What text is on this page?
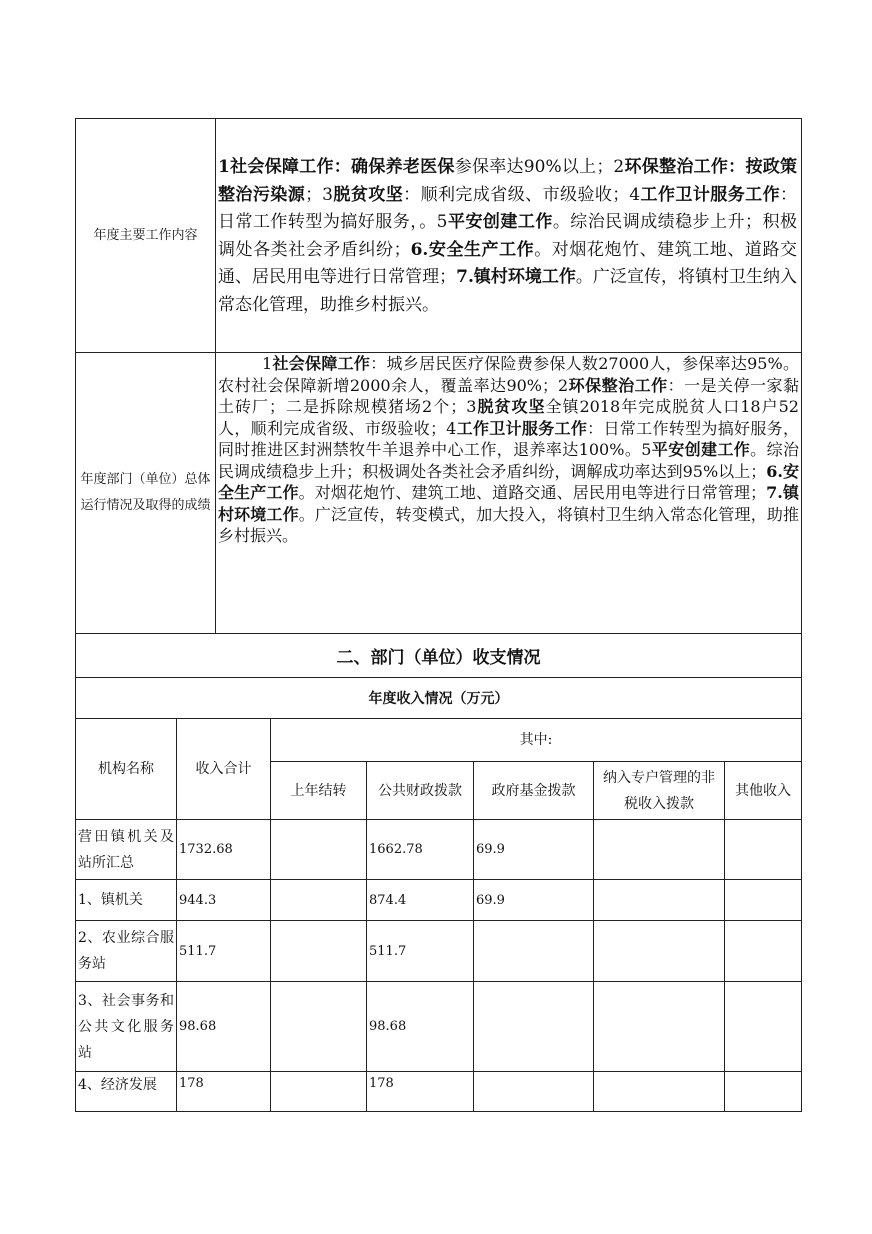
年度主要工作内容	1社会保障工作：确保养老医保参保率达90%以上；2环保整治工作：按政策整治污染源；3脱贫攻坚：顺利完成省级、市级验收；4工作卫计服务工作：日常工作转型为搞好服务，。5平安创建工作。综治民调成绩稳步上升；积极调处各类社会矛盾纠纷；6.安全生产工作。对烟花炮竹、建筑工地、道路交通、居民用电等进行日常管理；7.镇村环境工作。广泛宣传，将镇村卫生纳入常态化管理，助推乡村振兴。

年度部门（单位）总体运行情况及取得的成绩	1社会保障工作：城乡居民医疗保险费参保人数27000人，参保率达95%。农村社会保障新增2000余人，覆盖率达90%；2环保整治工作：一是关停一家黏土砖厂；二是拆除规模猪场2个；3脱贫攻坚全镇2018年完成脱贫人口18户52人，顺利完成省级、市级验收；4工作卫计服务工作：日常工作转型为搞好服务，同时推进区封洲禁牧牛羊退养中心工作，退养率达100%。5平安创建工作。综治民调成绩稳步上升；积极调处各类社会矛盾纠纷，调解成功率达到95%以上；6.安全生产工作。对烟花炮竹、建筑工地、道路交通、居民用电等进行日常管理；7.镇村环境工作。广泛宣传，转变模式，加大投入，将镇村卫生纳入常态化管理，助推乡村振兴。
二、部门（单位）收支情况						
年度收入情况（万元）						
机构名称	收入合计	其中:				
		上年结转	公共财政拨款	政府基金拨款	纳入专户管理的非税收入拨款	其他收入
营田镇机关及站所汇总	1732.68		1662.78	69.9		
1、镇机关	944.3		874.4	69.9		
2、农业综合服务站	511.7		511.7			
3、社会事务和公共文化服务站	98.68		98.68			
4、经济发展	178		178			
